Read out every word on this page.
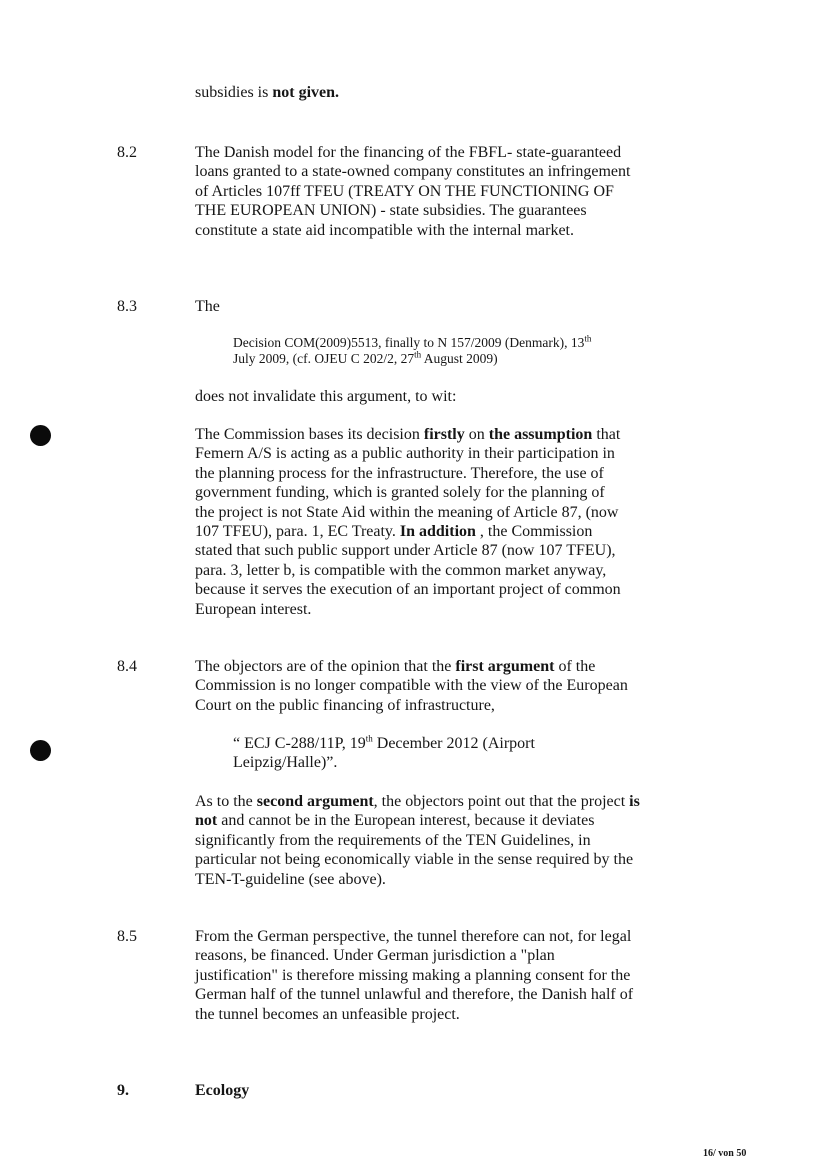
subsidies is not given.

8.2	The Danish model for the financing of the FBFL- state-guaranteed loans granted to a state-owned company constitutes an infringement of Articles 107ff TFEU (TREATY ON THE FUNCTIONING OF THE EUROPEAN UNION) - state subsidies. The guarantees constitute a state aid incompatible with the internal market.

8.3	The

Decision COM(2009)5513, finally to N 157/2009 (Denmark), 13th
July 2009, (cf. OJEU C 202/2, 27th August 2009)

does not invalidate this argument, to wit:

The Commission bases its decision firstly on the assumption that Femern A/S is acting as a public authority in their participation in the planning process for the infrastructure. Therefore, the use of government funding, which is granted solely for the planning of the project is not State Aid within the meaning of Article 87, (now 107 TFEU), para. 1, EC Treaty. In addition , the Commission stated that such public support under Article 87 (now 107 TFEU), para. 3, letter b, is compatible with the common market anyway, because it serves the execution of an important project of common European interest.

8.4	The objectors are of the opinion that the first argument of the Commission is no longer compatible with the view of the European Court on the public financing of infrastructure,

“ ECJ C-288/11P, 19th December 2012 (Airport Leipzig/Halle)”.

As to the second argument, the objectors point out that the project is not and cannot be in the European interest, because it deviates significantly from the requirements of the TEN Guidelines, in particular not being economically viable in the sense required by the TEN-T-guideline (see above).

8.5	From the German perspective, the tunnel therefore can not, for legal reasons, be financed. Under German jurisdiction a "plan justification" is therefore missing making a planning consent for the German half of the tunnel unlawful and therefore, the Danish half of the tunnel becomes an unfeasible project.

9.	Ecology
16/ von 50
